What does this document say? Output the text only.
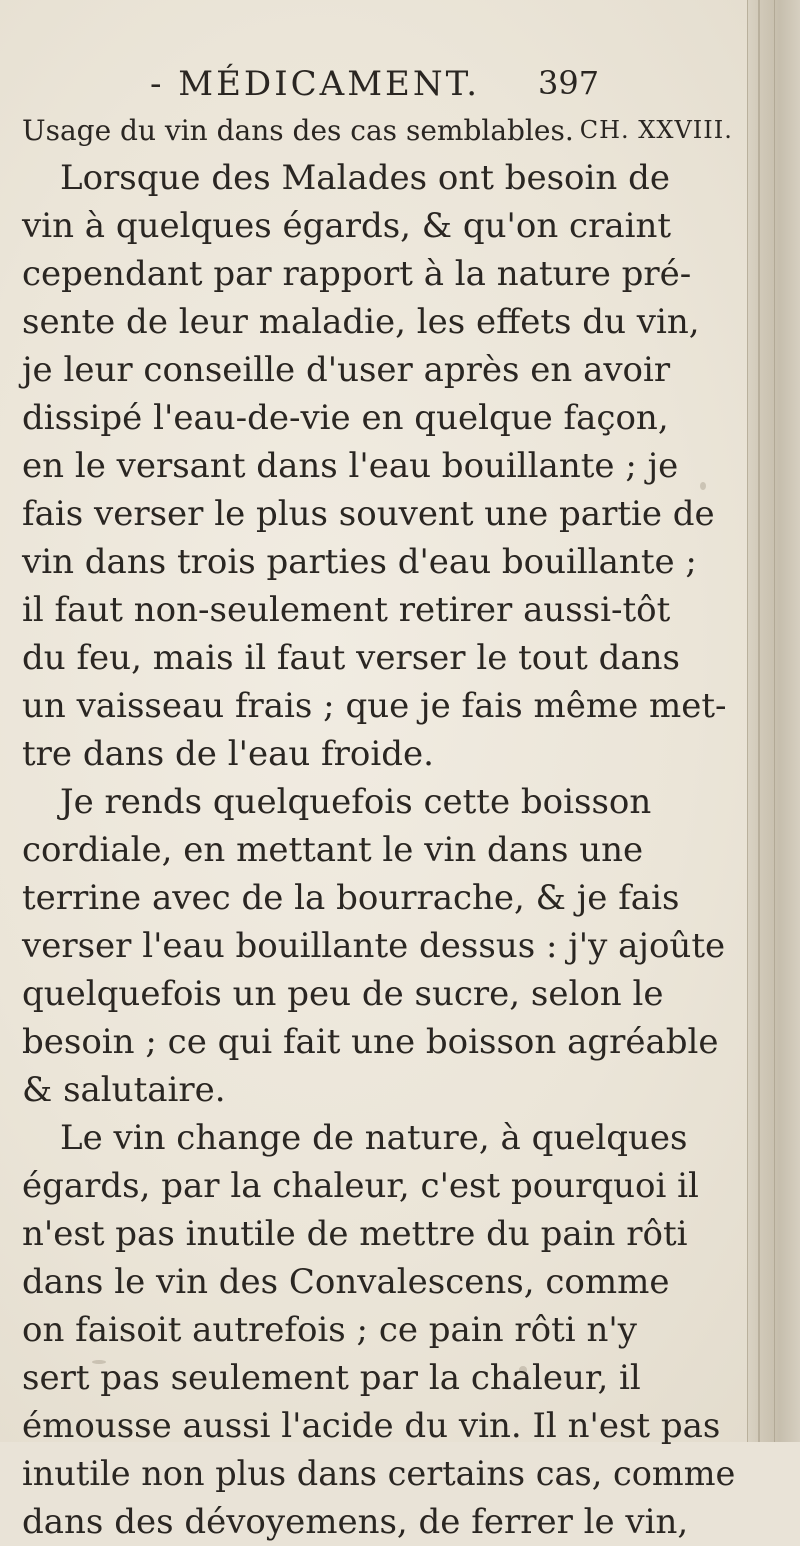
- MÉDICAMENT. 397
Usage du vin dans des cas semblables. CH. XXVIII.
Lorsque des Malades ont besoin de
vin à quelques égards, & qu'on craint
cependant par rapport à la nature pré-
sente de leur maladie, les effets du vin,
je leur conseille d'user après en avoir
dissipé l'eau-de-vie en quelque façon,
en le versant dans l'eau bouillante ; je
fais verser le plus souvent une partie de
vin dans trois parties d'eau bouillante ;
il faut non-seulement retirer aussi-tôt
du feu, mais il faut verser le tout dans
un vaisseau frais ; que je fais même met-
tre dans de l'eau froide.
Je rends quelquefois cette boisson
cordiale, en mettant le vin dans une
terrine avec de la bourrache, & je fais
verser l'eau bouillante dessus : j'y ajoûte
quelquefois un peu de sucre, selon le
besoin ; ce qui fait une boisson agréable
& salutaire.
Le vin change de nature, à quelques
égards, par la chaleur, c'est pourquoi il
n'est pas inutile de mettre du pain rôti
dans le vin des Convalescens, comme
on faisoit autrefois ; ce pain rôti n'y
sert pas seulement par la chaleur, il
émousse aussi l'acide du vin. Il n'est pas
inutile non plus dans certains cas, comme
dans des dévoyemens, de ferrer le vin,
